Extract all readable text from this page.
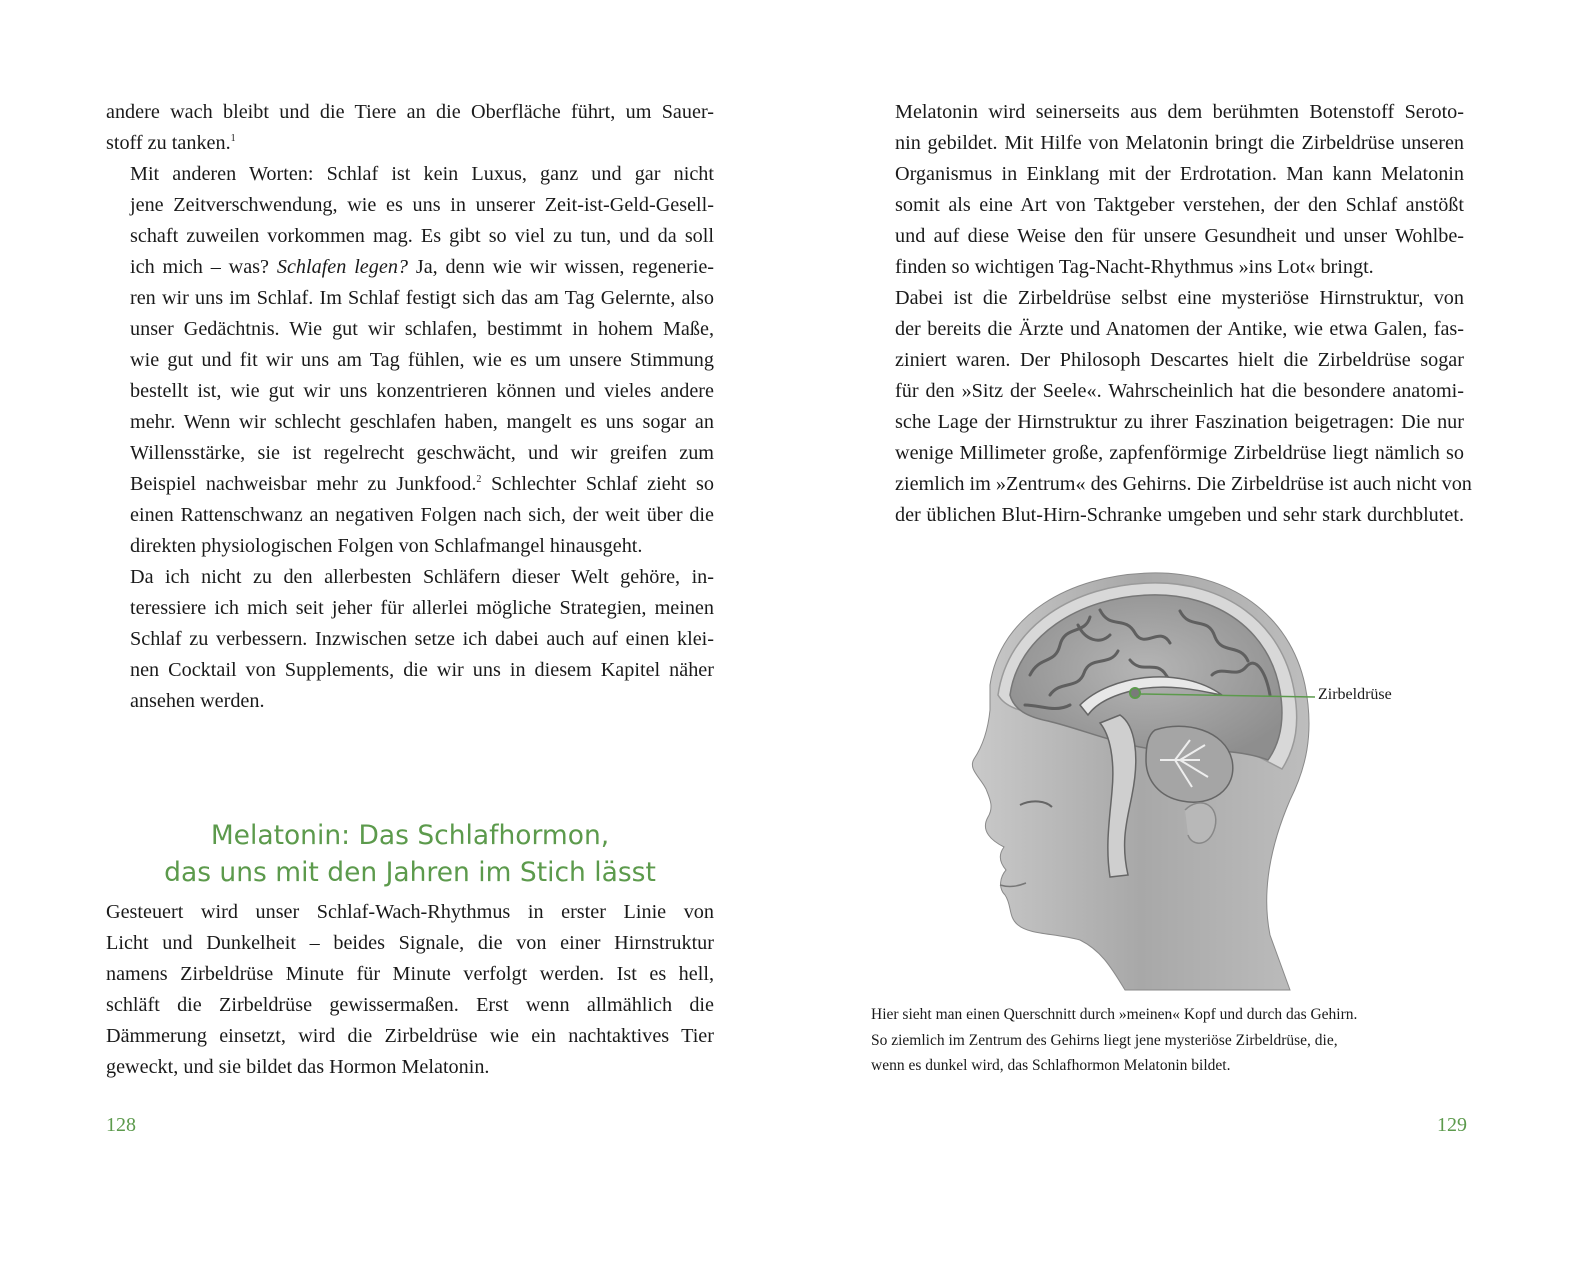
andere wach bleibt und die Tiere an die Oberfläche führt, um Sauer-
stoff zu tanken.$^1$

Mit anderen Worten: Schlaf ist kein Luxus, ganz und gar nicht
jene Zeitverschwendung, wie es uns in unserer Zeit-ist-Geld-Gesell-
schaft zuweilen vorkommen mag. Es gibt so viel zu tun, und da soll
ich mich – was? Schlafen legen? Ja, denn wie wir wissen, regenerie-
ren wir uns im Schlaf. Im Schlaf festigt sich das am Tag Gelernte, also
unser Gedächtnis. Wie gut wir schlafen, bestimmt in hohem Maße,
wie gut und fit wir uns am Tag fühlen, wie es um unsere Stimmung
bestellt ist, wie gut wir uns konzentrieren können und vieles andere
mehr. Wenn wir schlecht geschlafen haben, mangelt es uns sogar an
Willensstärke, sie ist regelrecht geschwächt, und wir greifen zum
Beispiel nachweisbar mehr zu Junkfood.$^2$ Schlechter Schlaf zieht so
einen Rattenschwanz an negativen Folgen nach sich, der weit über die
direkten physiologischen Folgen von Schlafmangel hinausgeht.

Da ich nicht zu den allerbesten Schläfern dieser Welt gehöre, in-
teressiere ich mich seit jeher für allerlei mögliche Strategien, meinen
Schlaf zu verbessern. Inzwischen setze ich dabei auch auf einen klei-
nen Cocktail von Supplements, die wir uns in diesem Kapitel näher
ansehen werden.

Melatonin: Das Schlafhormon,
das uns mit den Jahren im Stich lässt

Gesteuert wird unser Schlaf-Wach-Rhythmus in erster Linie von
Licht und Dunkelheit – beides Signale, die von einer Hirnstruktur
namens Zirbeldrüse Minute für Minute verfolgt werden. Ist es hell,
schläft die Zirbeldrüse gewissermaßen. Erst wenn allmählich die
Dämmerung einsetzt, wird die Zirbeldrüse wie ein nachtaktives Tier
geweckt, und sie bildet das Hormon Melatonin.

128

Melatonin wird seinerseits aus dem berühmten Botenstoff Seroto-
nin gebildet. Mit Hilfe von Melatonin bringt die Zirbeldrüse unseren
Organismus in Einklang mit der Erdrotation. Man kann Melatonin
somit als eine Art von Taktgeber verstehen, der den Schlaf anstößt
und auf diese Weise den für unsere Gesundheit und unser Wohlbe-
finden so wichtigen Tag-Nacht-Rhythmus »ins Lot« bringt.

Dabei ist die Zirbeldrüse selbst eine mysteriöse Hirnstruktur, von
der bereits die Ärzte und Anatomen der Antike, wie etwa Galen, fas-
ziniert waren. Der Philosoph Descartes hielt die Zirbeldrüse sogar
für den »Sitz der Seele«. Wahrscheinlich hat die besondere anatomi-
sche Lage der Hirnstruktur zu ihrer Faszination beigetragen: Die nur
wenige Millimeter große, zapfenförmige Zirbeldrüse liegt nämlich so
ziemlich im »Zentrum« des Gehirns. Die Zirbeldrüse ist auch nicht von
der üblichen Blut-Hirn-Schranke umgeben und sehr stark durchblutet.

Zirbeldrüse
Hier sieht man einen Querschnitt durch »meinen« Kopf und durch das Gehirn.
So ziemlich im Zentrum des Gehirns liegt jene mysteriöse Zirbeldrüse, die,
wenn es dunkel wird, das Schlafhormon Melatonin bildet.
129
